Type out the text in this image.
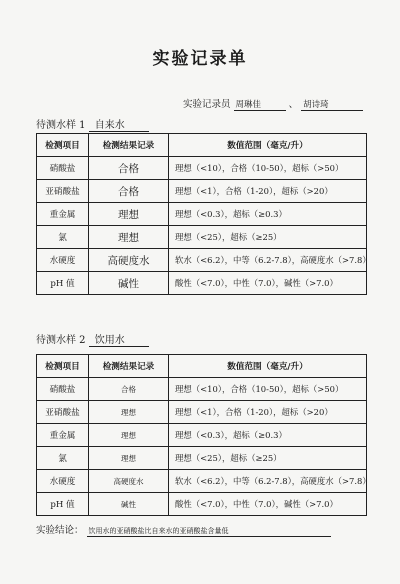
实验记录单
实验记录员 周琳佳	、 胡诗琦
待测水样 1 自来水
检测项目	检测结果记录	数值范围（毫克/升）
硝酸盐	合格	理想（<10），合格（10-50），超标（>50）
亚硝酸盐	合格	理想（<1），合格（1-20），超标（>20）
重金属	理想	理想（<0.3），超标（≥0.3）
氯	理想	理想（<25），超标（≥25）
水硬度	高硬度水	软水（<6.2），中等（6.2-7.8），高硬度水（>7.8）
pH 值	碱性	酸性（<7.0），中性（7.0），碱性（>7.0）
待测水样 2 饮用水
检测项目	检测结果记录	数值范围（毫克/升）
硝酸盐	合格	理想（<10），合格（10-50），超标（>50）
亚硝酸盐	理想	理想（<1），合格（1-20），超标（>20）
重金属	理想	理想（<0.3），超标（≥0.3）
氯	理想	理想（<25），超标（≥25）
水硬度	高硬度水	软水（<6.2），中等（6.2-7.8），高硬度水（>7.8）
pH 值	碱性	酸性（<7.0），中性（7.0），碱性（>7.0）
实验结论： 饮用水的亚硝酸盐比自来水的亚硝酸盐含量低
